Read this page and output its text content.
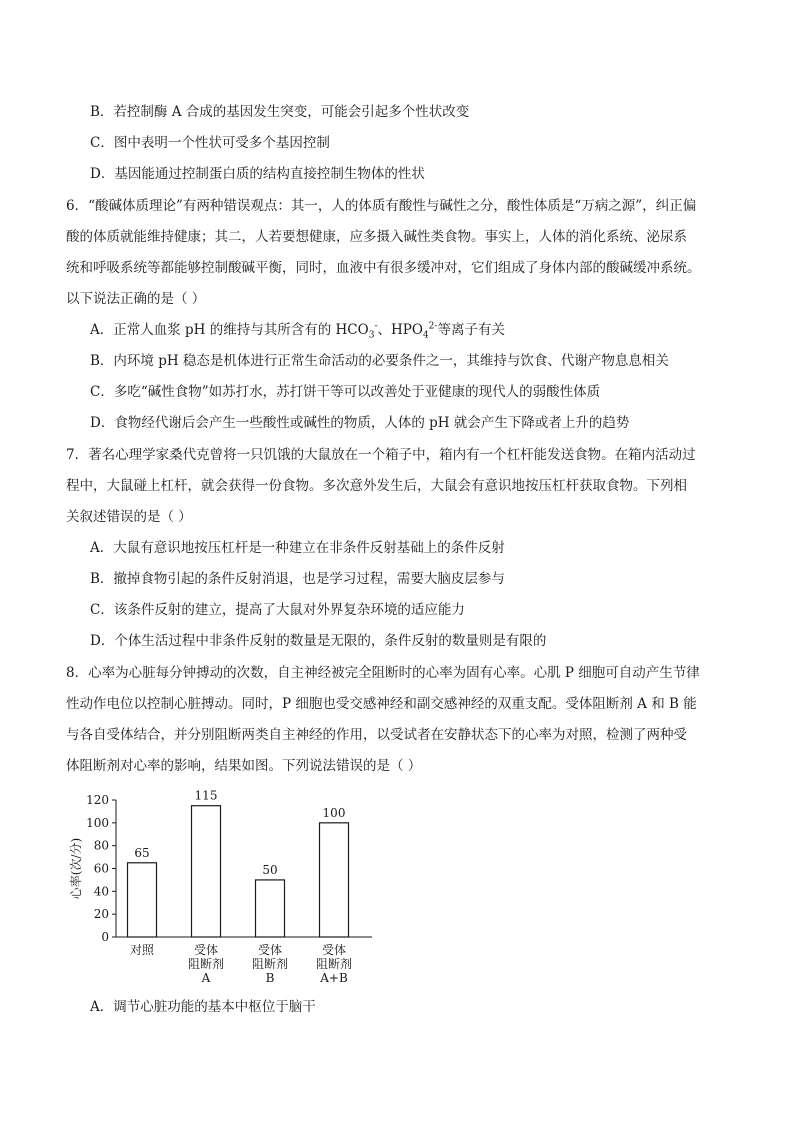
B．若控制酶 A 合成的基因发生突变，可能会引起多个性状改变
C．图中表明一个性状可受多个基因控制
D．基因能通过控制蛋白质的结构直接控制生物体的性状
6．“酸碱体质理论”有两种错误观点：其一，人的体质有酸性与碱性之分，酸性体质是“万病之源”，纠正偏
酸的体质就能维持健康；其二，人若要想健康，应多摄入碱性类食物。事实上，人体的消化系统、泌尿系
统和呼吸系统等都能够控制酸碱平衡，同时，血液中有很多缓冲对，它们组成了身体内部的酸碱缓冲系统。
以下说法正确的是（ ）
A．正常人血浆 pH 的维持与其所含有的 $HCO_3^-$、$HPO_4^{2-}$等离子有关
B．内环境 pH 稳态是机体进行正常生命活动的必要条件之一，其维持与饮食、代谢产物息息相关
C．多吃“碱性食物”如苏打水，苏打饼干等可以改善处于亚健康的现代人的弱酸性体质
D．食物经代谢后会产生一些酸性或碱性的物质，人体的 pH 就会产生下降或者上升的趋势
7．著名心理学家桑代克曾将一只饥饿的大鼠放在一个箱子中，箱内有一个杠杆能发送食物。在箱内活动过
程中，大鼠碰上杠杆，就会获得一份食物。多次意外发生后，大鼠会有意识地按压杠杆获取食物。下列相
关叙述错误的是（ ）
A．大鼠有意识地按压杠杆是一种建立在非条件反射基础上的条件反射
B．撤掉食物引起的条件反射消退，也是学习过程，需要大脑皮层参与
C．该条件反射的建立，提高了大鼠对外界复杂环境的适应能力
D．个体生活过程中非条件反射的数量是无限的，条件反射的数量则是有限的
8．心率为心脏每分钟搏动的次数，自主神经被完全阻断时的心率为固有心率。心肌 P 细胞可自动产生节律
性动作电位以控制心脏搏动。同时，P 细胞也受交感神经和副交感神经的双重支配。受体阻断剂 A 和 B 能
与各自受体结合，并分别阻断两类自主神经的作用，以受试者在安静状态下的心率为对照，检测了两种受
体阻断剂对心率的影响，结果如图。下列说法错误的是（ ）
0
20
40
60
80
100
120
心率(次/分)	65
对照
115
受体
阻断剂
A
50
受体
阻断剂
B
100
受体
阻断剂
A+B
A．调节心脏功能的基本中枢位于脑干
